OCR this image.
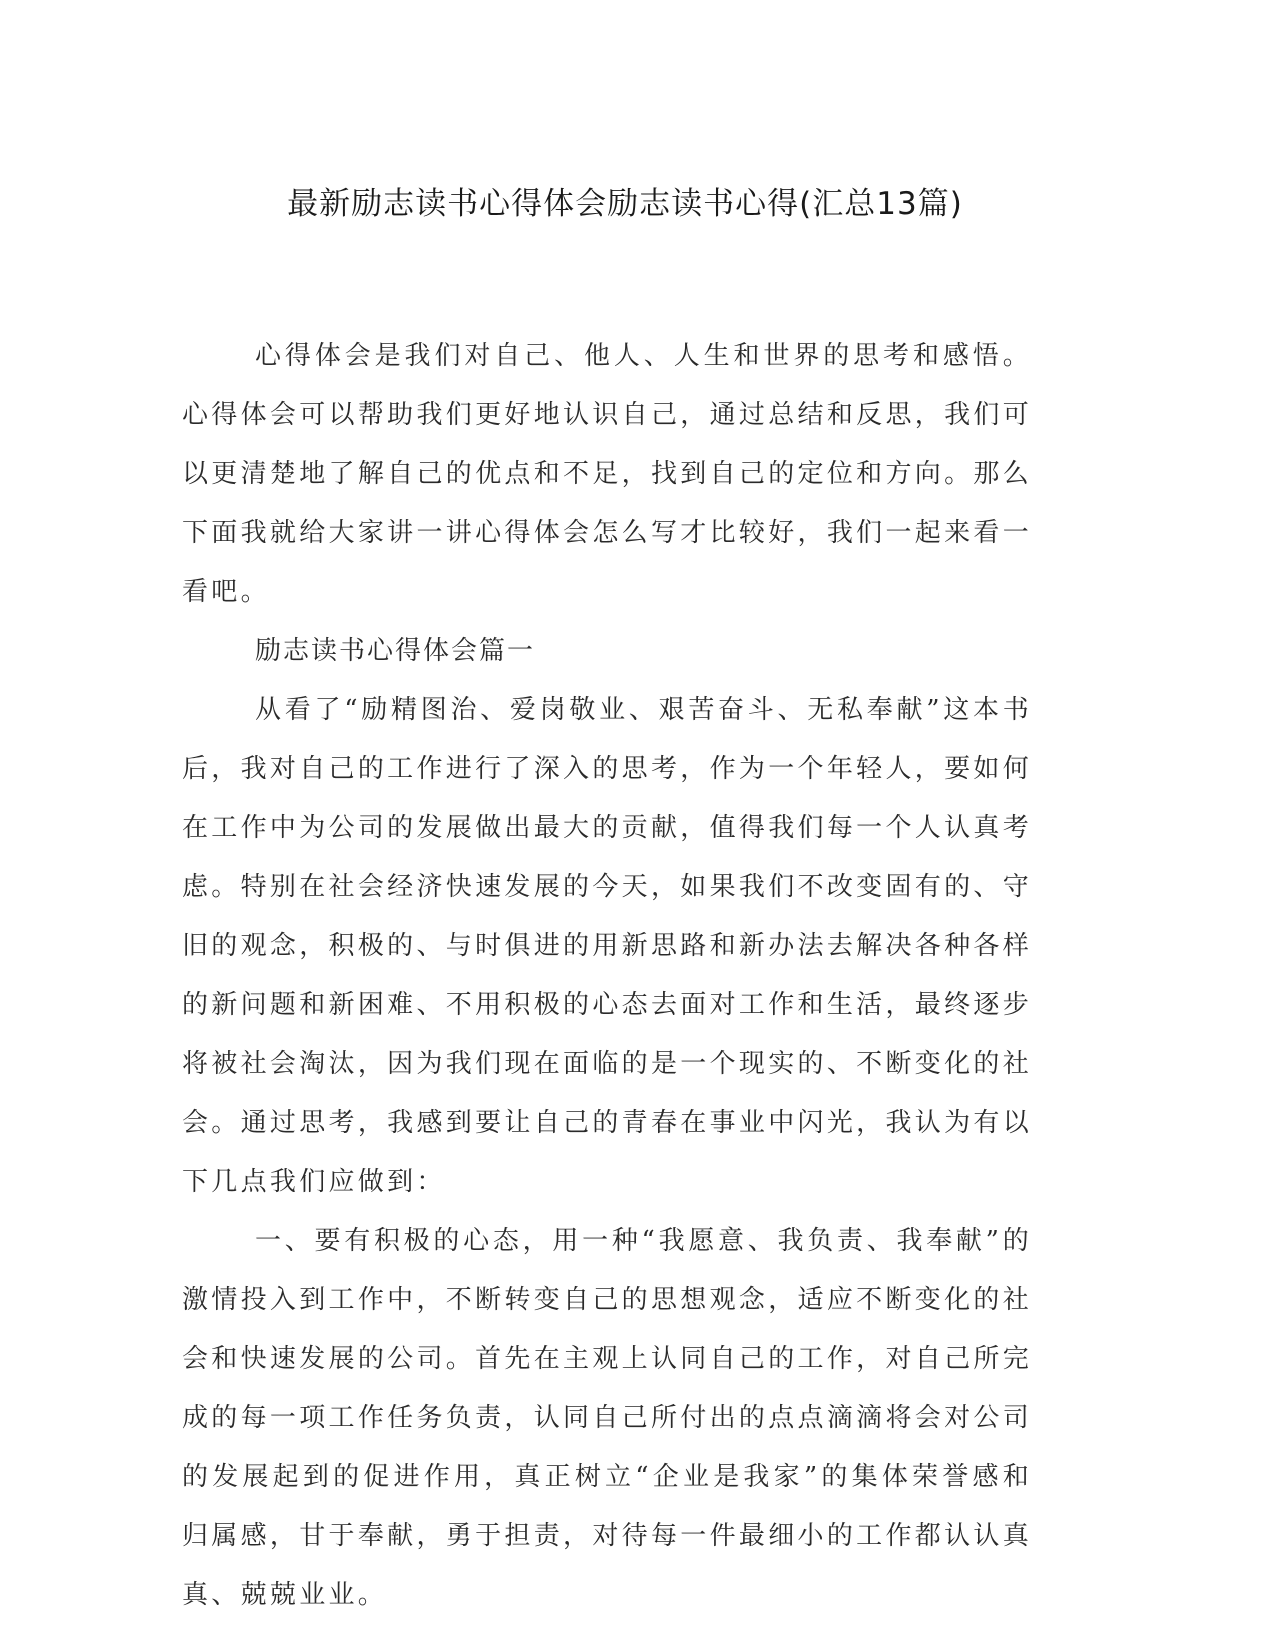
最新励志读书心得体会励志读书心得(汇总13篇)

心得体会是我们对自己、他人、人生和世界的思考和感悟。心得体会可以帮助我们更好地认识自己，通过总结和反思，我们可以更清楚地了解自己的优点和不足，找到自己的定位和方向。那么下面我就给大家讲一讲心得体会怎么写才比较好，我们一起来看一看吧。

励志读书心得体会篇一

从看了“励精图治、爱岗敬业、艰苦奋斗、无私奉献”这本书后，我对自己的工作进行了深入的思考，作为一个年轻人，要如何在工作中为公司的发展做出最大的贡献，值得我们每一个人认真考虑。特别在社会经济快速发展的今天，如果我们不改变固有的、守旧的观念，积极的、与时俱进的用新思路和新办法去解决各种各样的新问题和新困难、不用积极的心态去面对工作和生活，最终逐步将被社会淘汰，因为我们现在面临的是一个现实的、不断变化的社会。通过思考，我感到要让自己的青春在事业中闪光，我认为有以下几点我们应做到：

一、要有积极的心态，用一种“我愿意、我负责、我奉献”的激情投入到工作中，不断转变自己的思想观念，适应不断变化的社会和快速发展的公司。首先在主观上认同自己的工作，对自己所完成的每一项工作任务负责，认同自己所付出的点点滴滴将会对公司的发展起到的促进作用，真正树立“企业是我家”的集体荣誉感和归属感，甘于奉献，勇于担责，对待每一件最细小的工作都认认真真、兢兢业业。
